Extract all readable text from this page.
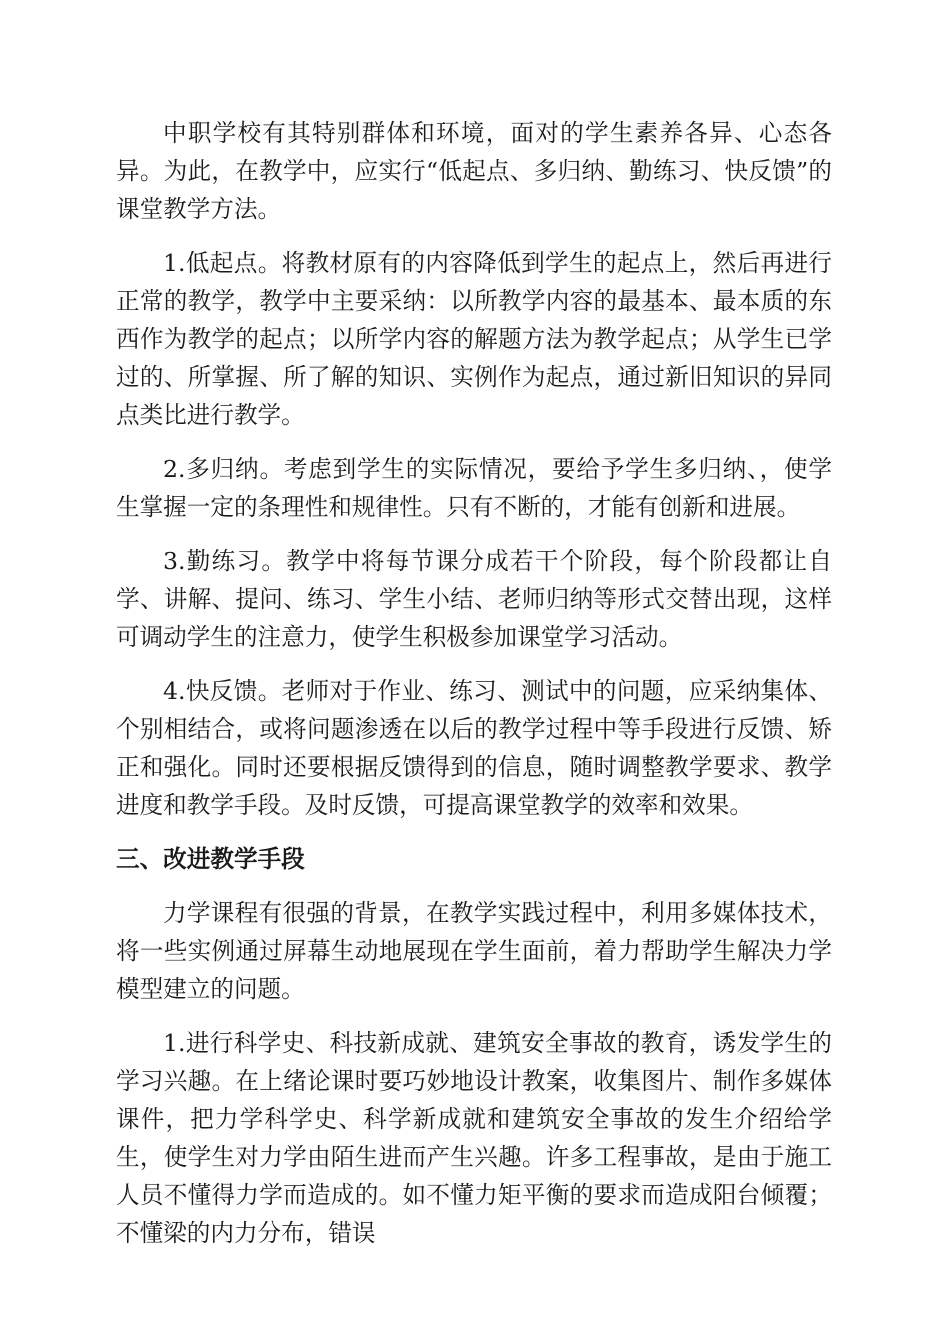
中职学校有其特别群体和环境，面对的学生素养各异、心态各异。为此，在教学中，应实行“低起点、多归纳、勤练习、快反馈”的课堂教学方法。

1.低起点。将教材原有的内容降低到学生的起点上，然后再进行正常的教学，教学中主要采纳：以所教学内容的最基本、最本质的东西作为教学的起点；以所学内容的解题方法为教学起点；从学生已学过的、所掌握、所了解的知识、实例作为起点，通过新旧知识的异同点类比进行教学。

2.多归纳。考虑到学生的实际情况，要给予学生多归纳、，使学生掌握一定的条理性和规律性。只有不断的，才能有创新和进展。

3.勤练习。教学中将每节课分成若干个阶段，每个阶段都让自学、讲解、提问、练习、学生小结、老师归纳等形式交替出现，这样可调动学生的注意力，使学生积极参加课堂学习活动。

4.快反馈。老师对于作业、练习、测试中的问题，应采纳集体、个别相结合，或将问题渗透在以后的教学过程中等手段进行反馈、矫正和强化。同时还要根据反馈得到的信息，随时调整教学要求、教学进度和教学手段。及时反馈，可提高课堂教学的效率和效果。

三、改进教学手段

力学课程有很强的背景，在教学实践过程中，利用多媒体技术，将一些实例通过屏幕生动地展现在学生面前，着力帮助学生解决力学模型建立的问题。

1.进行科学史、科技新成就、建筑安全事故的教育，诱发学生的学习兴趣。在上绪论课时要巧妙地设计教案，收集图片、制作多媒体课件，把力学科学史、科学新成就和建筑安全事故的发生介绍给学生，使学生对力学由陌生进而产生兴趣。许多工程事故，是由于施工人员不懂得力学而造成的。如不懂力矩平衡的要求而造成阳台倾覆；不懂梁的内力分布，错误
